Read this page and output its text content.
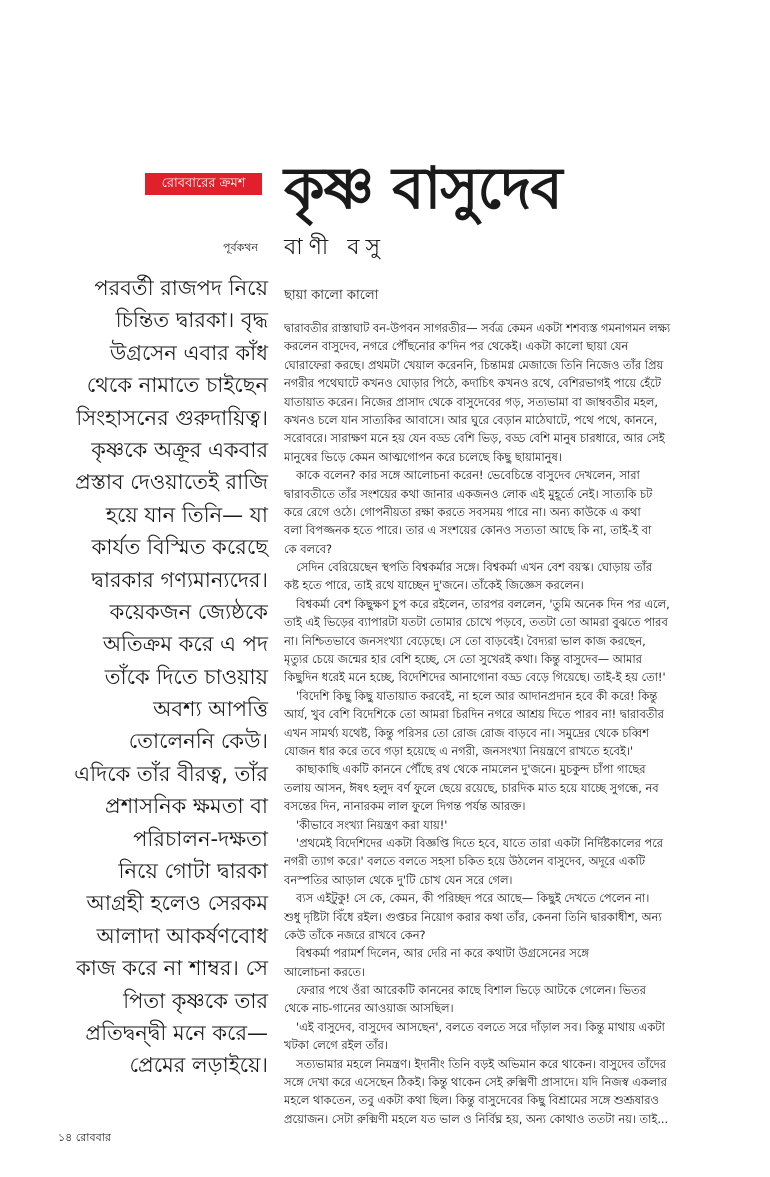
রোববারের ক্রমশ কৃষ্ণ বাসুদেব
পূর্বকথন বাণী বসু
ছায়া কালো কালো
পরবর্তী রাজপদ নিয়ে
চিন্তিত দ্বারকা। বৃদ্ধ
উগ্রসেন এবার কাঁধ
থেকে নামাতে চাইছেন
সিংহাসনের গুরুদায়িত্ব।
কৃষ্ণকে অক্রূর একবার
প্রস্তাব দেওয়াতেই রাজি
হয়ে যান তিনি— যা
কার্যত বিস্মিত করেছে
দ্বারকার গণ্যমান্যদের।
কয়েকজন জ্যেষ্ঠকে
অতিক্রম করে এ পদ
তাঁকে দিতে চাওয়ায়
অবশ্য আপত্তি
তোলেননি কেউ।
এদিকে তাঁর বীরত্ব, তাঁর
প্রশাসনিক ক্ষমতা বা
পরিচালন-দক্ষতা
নিয়ে গোটা দ্বারকা
আগ্রহী হলেও সেরকম
আলাদা আকর্ষণবোধ
কাজ করে না শাম্বর। সে
পিতা কৃষ্ণকে তার
প্রতিদ্বন্দ্বী মনে করে—
প্রেমের লড়াইয়ে।
দ্বারাবতীর রাস্তাঘাট বন-উপবন সাগরতীর— সর্বত্র কেমন একটা শশব্যস্ত গমনাগমন লক্ষ্য
করলেন বাসুদেব, নগরে পৌঁছনোর ক'দিন পর থেকেই। একটা কালো ছায়া যেন
ঘোরাফেরা করছে। প্রথমটা খেয়াল করেননি, চিন্তামগ্ন মেজাজে তিনি নিজেও তাঁর প্রিয়
নগরীর পথেঘাটে কখনও ঘোড়ার পিঠে, কদাচিৎ কখনও রথে, বেশিরভাগই পায়ে হেঁটে
যাতায়াত করেন। নিজের প্রাসাদ থেকে বাসুদেবের গড়, সত্যভামা বা জাম্ববতীর মহল,
কখনও চলে যান সাত্যকির আবাসে। আর ঘুরে বেড়ান মাঠেঘাটে, পথে পথে, কাননে,
সরোবরে। সারাক্ষণ মনে হয় যেন বড্ড বেশি ভিড়, বড্ড বেশি মানুষ চারধারে, আর সেই
মানুষের ভিড়ে কেমন আত্মগোপন করে চলেছে কিছু ছায়ামানুষ।
কাকে বলেন? কার সঙ্গে আলোচনা করেন! ভেবেচিন্তে বাসুদেব দেখলেন, সারা
দ্বারাবতীতে তাঁর সংশয়ের কথা জানার একজনও লোক এই মুহূর্তে নেই। সাত্যকি চট
করে রেগে ওঠে। গোপনীয়তা রক্ষা করতে সবসময় পারে না। অন্য কাউকে এ কথা
বলা বিপজ্জনক হতে পারে। তার এ সংশয়ের কোনও সত্যতা আছে কি না, তাই-ই বা
কে বলবে?
সেদিন বেরিয়েছেন স্থপতি বিশ্বকর্মার সঙ্গে। বিশ্বকর্মা এখন বেশ বয়স্ক। ঘোড়ায় তাঁর
কষ্ট হতে পারে, তাই রথে যাচ্ছেন দু'জনে। তাঁকেই জিজ্ঞেস করলেন।
বিশ্বকর্মা বেশ কিছুক্ষণ চুপ করে রইলেন, তারপর বললেন, 'তুমি অনেক দিন পর এলে,
তাই এই ভিড়ের ব্যাপারটা যতটা তোমার চোখে পড়বে, ততটা তো আমরা বুঝতে পারব
না। নিশ্চিতভাবে জনসংখ্যা বেড়েছে। সে তো বাড়বেই। বৈদ্যরা ভাল কাজ করছেন,
মৃত্যুর চেয়ে জন্মের হার বেশি হচ্ছে, সে তো সুখেরই কথা। কিন্তু বাসুদেব— আমার
কিছুদিন ধরেই মনে হচ্ছে, বিদেশিদের আনাগোনা বড্ড বেড়ে গিয়েছে। তাই-ই হয় তো!'
'বিদেশি কিছু কিছু যাতায়াত করবেই, না হলে আর আদানপ্রদান হবে কী করে! কিন্তু
আর্য, খুব বেশি বিদেশিকে তো আমরা চিরদিন নগরে আশ্রয় দিতে পারব না! দ্বারাবতীর
এখন সামর্থ্য যথেষ্ট, কিন্তু পরিসর তো রোজ রোজ বাড়বে না। সমুদ্রের থেকে চব্বিশ
যোজন ধার করে তবে গড়া হয়েছে এ নগরী, জনসংখ্যা নিয়ন্ত্রণে রাখতে হবেই।'
কাছাকাছি একটি কাননে পৌঁছে রথ থেকে নামলেন দু'জনে। মুচকুন্দ চাঁপা গাছের
তলায় আসন, ঈষৎ হলুদ বর্ণ ফুলে ছেয়ে রয়েছে, চারদিক মাত হয়ে যাচ্ছে সুগন্ধে, নব
বসন্তের দিন, নানারকম লাল ফুলে দিগন্ত পর্যন্ত আরক্ত।
'কীভাবে সংখ্যা নিয়ন্ত্রণ করা যায়!'
'প্রথমেই বিদেশিদের একটা বিজ্ঞপ্তি দিতে হবে, যাতে তারা একটা নির্দিষ্টকালের পরে
নগরী ত্যাগ করে।' বলতে বলতে সহসা চকিত হয়ে উঠলেন বাসুদেব, অদূরে একটি
বনস্পতির আড়াল থেকে দু'টি চোখ যেন সরে গেল।
ব্যস এইটুকু! সে কে, কেমন, কী পরিচ্ছদ পরে আছে— কিছুই দেখতে পেলেন না।
শুধু দৃষ্টিটা বিঁধে রইল। গুপ্তচর নিয়োগ করার কথা তাঁর, কেননা তিনি দ্বারকাধীশ, অন্য
কেউ তাঁকে নজরে রাখবে কেন?
বিশ্বকর্মা পরামর্শ দিলেন, আর দেরি না করে কথাটা উগ্রসেনের সঙ্গে
আলোচনা করতে।
ফেরার পথে ওঁরা আরেকটি কাননের কাছে বিশাল ভিড়ে আটকে গেলেন। ভিতর
থেকে নাচ-গানের আওয়াজ আসছিল।
'এই বাসুদেব, বাসুদেব আসছেন', বলতে বলতে সরে দাঁড়াল সব। কিন্তু মাথায় একটা
খটকা লেগে রইল তাঁর।
সত্যভামার মহলে নিমন্ত্রণ। ইদানীং তিনি বড়ই অভিমান করে থাকেন। বাসুদেব তাঁদের
সঙ্গে দেখা করে এসেছেন ঠিকই। কিন্তু থাকেন সেই রুক্মিণী প্রাসাদে। যদি নিজস্ব একলার
মহলে থাকতেন, তবু একটা কথা ছিল। কিন্তু বাসুদেবের কিছু বিশ্রামের সঙ্গে শুশ্রূষারও
প্রয়োজন। সেটা রুক্মিণী মহলে যত ভাল ও নির্বিঘ্ন হয়, অন্য কোথাও ততটা নয়। তাই...
১৪ রোববার
